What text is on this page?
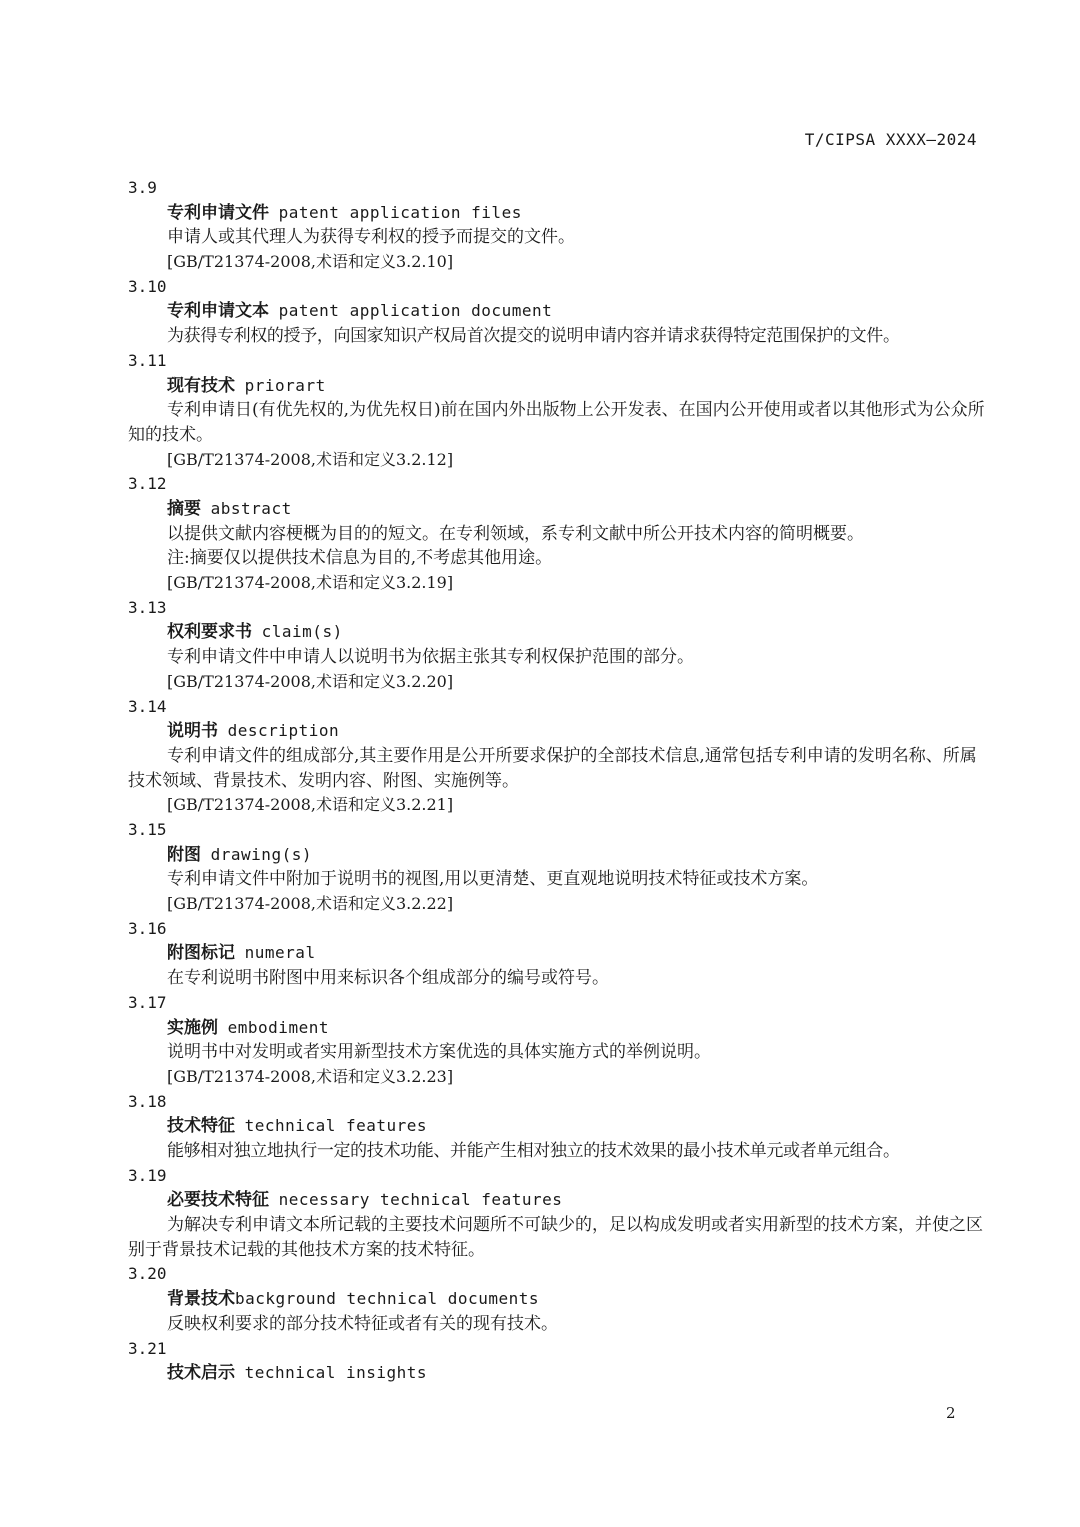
T/CIPSA XXXX—2024
3.9
专利申请文件 patent application files
申请人或其代理人为获得专利权的授予而提交的文件。
[GB/T21374-2008,术语和定义3.2.10]
3.10
专利申请文本 patent application document
为获得专利权的授予，向国家知识产权局首次提交的说明申请内容并请求获得特定范围保护的文件。
3.11
现有技术 priorart
专利申请日(有优先权的,为优先权日)前在国内外出版物上公开发表、在国内公开使用或者以其他形式为公众所知的技术。
[GB/T21374-2008,术语和定义3.2.12]
3.12
摘要 abstract
以提供文献内容梗概为目的的短文。在专利领域，系专利文献中所公开技术内容的简明概要。
注:摘要仅以提供技术信息为目的,不考虑其他用途。
[GB/T21374-2008,术语和定义3.2.19]
3.13
权利要求书 claim(s)
专利申请文件中申请人以说明书为依据主张其专利权保护范围的部分。
[GB/T21374-2008,术语和定义3.2.20]
3.14
说明书 description
专利申请文件的组成部分,其主要作用是公开所要求保护的全部技术信息,通常包括专利申请的发明名称、所属技术领域、背景技术、发明内容、附图、实施例等。
[GB/T21374-2008,术语和定义3.2.21]
3.15
附图 drawing(s)
专利申请文件中附加于说明书的视图,用以更清楚、更直观地说明技术特征或技术方案。
[GB/T21374-2008,术语和定义3.2.22]
3.16
附图标记 numeral
在专利说明书附图中用来标识各个组成部分的编号或符号。
3.17
实施例 embodiment
说明书中对发明或者实用新型技术方案优选的具体实施方式的举例说明。
[GB/T21374-2008,术语和定义3.2.23]
3.18
技术特征 technical features
能够相对独立地执行一定的技术功能、并能产生相对独立的技术效果的最小技术单元或者单元组合。
3.19
必要技术特征 necessary technical features
为解决专利申请文本所记载的主要技术问题所不可缺少的，足以构成发明或者实用新型的技术方案，并使之区别于背景技术记载的其他技术方案的技术特征。
3.20
背景技术background technical documents
反映权利要求的部分技术特征或者有关的现有技术。
3.21
技术启示 technical insights
2
